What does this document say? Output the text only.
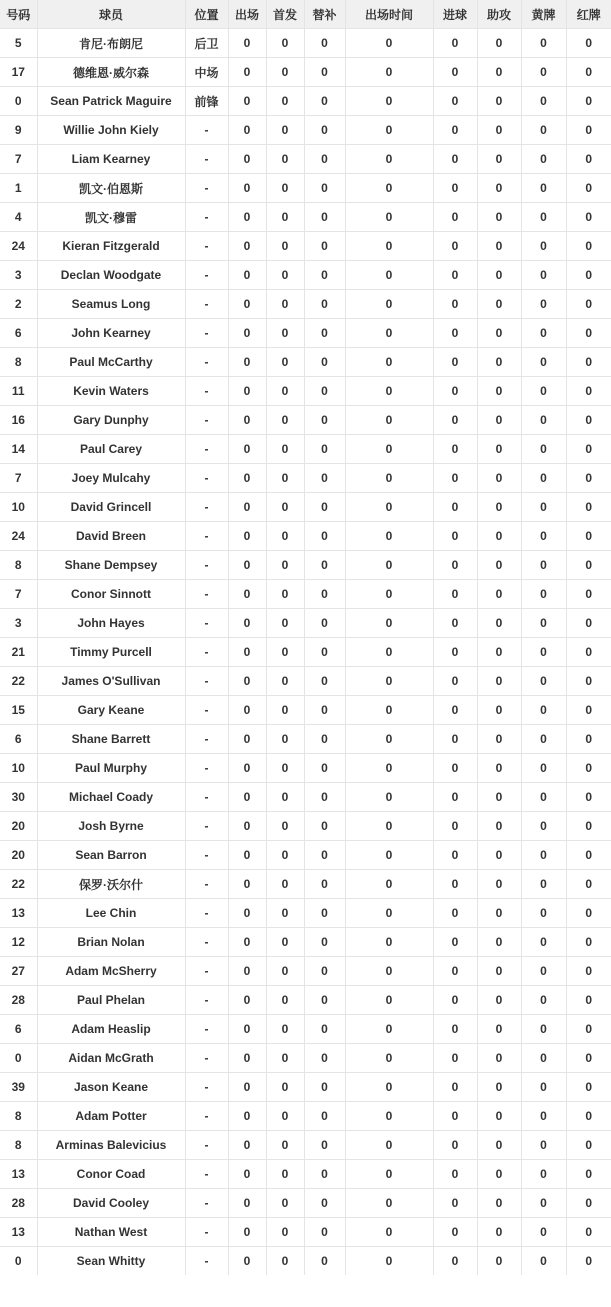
号码	球员	位置	出场	首发	替补	出场时间	进球	助攻	黄牌	红牌
5	肯尼·布朗尼	后卫	0	0	0	0	0	0	0	0
17	德维恩·威尔森	中场	0	0	0	0	0	0	0	0
0	Sean Patrick Maguire	前锋	0	0	0	0	0	0	0	0
9	Willie John Kiely	-	0	0	0	0	0	0	0	0
7	Liam Kearney	-	0	0	0	0	0	0	0	0
1	凯文·伯恩斯	-	0	0	0	0	0	0	0	0
4	凯文·穆雷	-	0	0	0	0	0	0	0	0
24	Kieran Fitzgerald	-	0	0	0	0	0	0	0	0
3	Declan Woodgate	-	0	0	0	0	0	0	0	0
2	Seamus Long	-	0	0	0	0	0	0	0	0
6	John Kearney	-	0	0	0	0	0	0	0	0
8	Paul McCarthy	-	0	0	0	0	0	0	0	0
11	Kevin Waters	-	0	0	0	0	0	0	0	0
16	Gary Dunphy	-	0	0	0	0	0	0	0	0
14	Paul Carey	-	0	0	0	0	0	0	0	0
7	Joey Mulcahy	-	0	0	0	0	0	0	0	0
10	David Grincell	-	0	0	0	0	0	0	0	0
24	David Breen	-	0	0	0	0	0	0	0	0
8	Shane Dempsey	-	0	0	0	0	0	0	0	0
7	Conor Sinnott	-	0	0	0	0	0	0	0	0
3	John Hayes	-	0	0	0	0	0	0	0	0
21	Timmy Purcell	-	0	0	0	0	0	0	0	0
22	James O'Sullivan	-	0	0	0	0	0	0	0	0
15	Gary Keane	-	0	0	0	0	0	0	0	0
6	Shane Barrett	-	0	0	0	0	0	0	0	0
10	Paul Murphy	-	0	0	0	0	0	0	0	0
30	Michael Coady	-	0	0	0	0	0	0	0	0
20	Josh Byrne	-	0	0	0	0	0	0	0	0
20	Sean Barron	-	0	0	0	0	0	0	0	0
22	保罗·沃尔什	-	0	0	0	0	0	0	0	0
13	Lee Chin	-	0	0	0	0	0	0	0	0
12	Brian Nolan	-	0	0	0	0	0	0	0	0
27	Adam McSherry	-	0	0	0	0	0	0	0	0
28	Paul Phelan	-	0	0	0	0	0	0	0	0
6	Adam Heaslip	-	0	0	0	0	0	0	0	0
0	Aidan McGrath	-	0	0	0	0	0	0	0	0
39	Jason Keane	-	0	0	0	0	0	0	0	0
8	Adam Potter	-	0	0	0	0	0	0	0	0
8	Arminas Balevicius	-	0	0	0	0	0	0	0	0
13	Conor Coad	-	0	0	0	0	0	0	0	0
28	David Cooley	-	0	0	0	0	0	0	0	0
13	Nathan West	-	0	0	0	0	0	0	0	0
0	Sean Whitty	-	0	0	0	0	0	0	0	0
